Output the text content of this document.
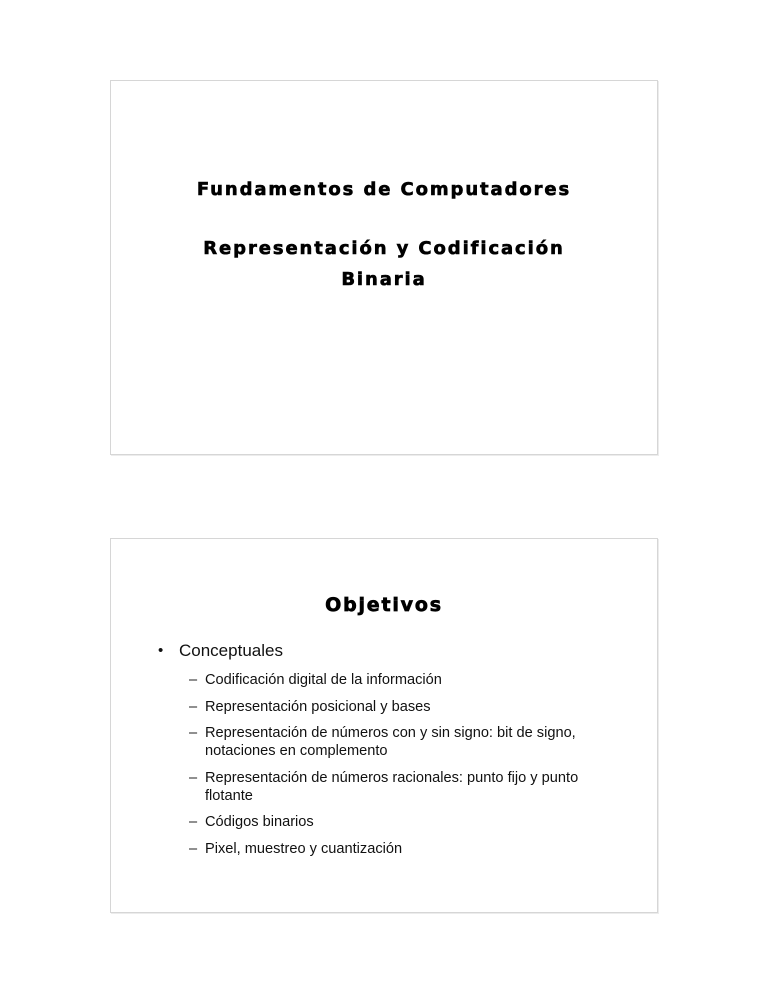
Fundamentos de Computadores
Representación y Codificación
Binaria
Objetivos
• Conceptuales
– Codificación digital de la información
– Representación posicional y bases
– Representación de números con y sin signo: bit de signo, notaciones en complemento
– Representación de números racionales: punto fijo y punto flotante
– Códigos binarios
– Pixel, muestreo y cuantización
